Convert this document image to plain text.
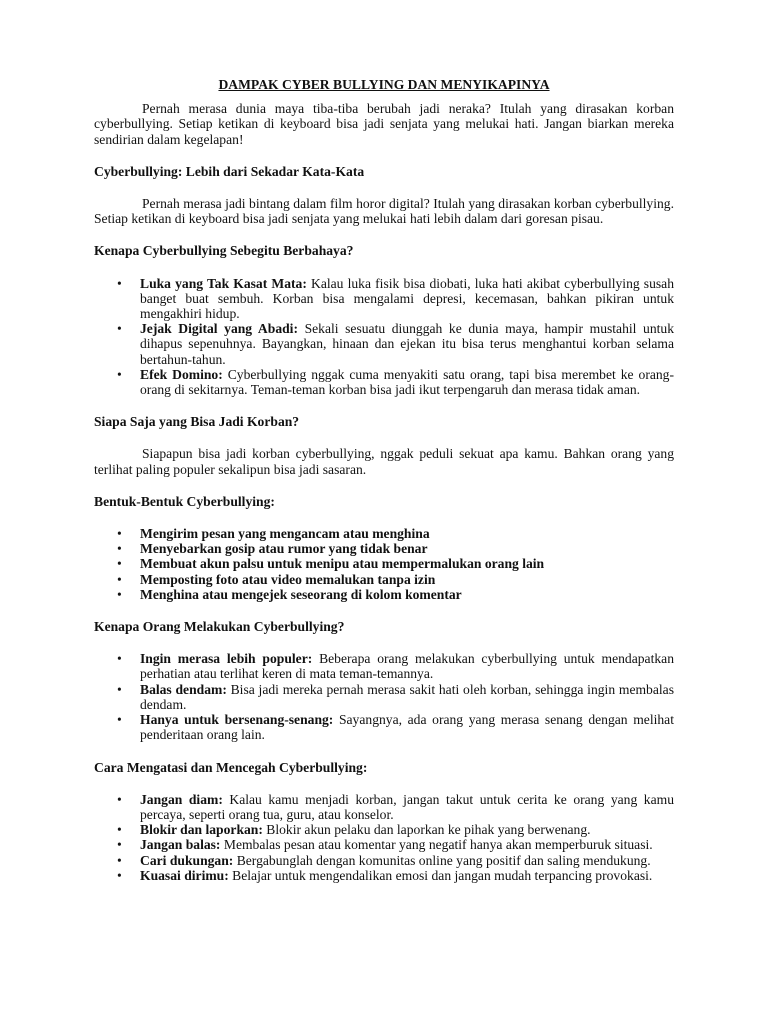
DAMPAK CYBER BULLYING DAN MENYIKAPINYA

Pernah merasa dunia maya tiba-tiba berubah jadi neraka? Itulah yang dirasakan korban cyberbullying. Setiap ketikan di keyboard bisa jadi senjata yang melukai hati. Jangan biarkan mereka sendirian dalam kegelapan!

Cyberbullying: Lebih dari Sekadar Kata-Kata

Pernah merasa jadi bintang dalam film horor digital? Itulah yang dirasakan korban cyberbullying. Setiap ketikan di keyboard bisa jadi senjata yang melukai hati lebih dalam dari goresan pisau.

Kenapa Cyberbullying Sebegitu Berbahaya?
• Luka yang Tak Kasat Mata: Kalau luka fisik bisa diobati, luka hati akibat cyberbullying susah banget buat sembuh. Korban bisa mengalami depresi, kecemasan, bahkan pikiran untuk mengakhiri hidup.
• Jejak Digital yang Abadi: Sekali sesuatu diunggah ke dunia maya, hampir mustahil untuk dihapus sepenuhnya. Bayangkan, hinaan dan ejekan itu bisa terus menghantui korban selama bertahun-tahun.
• Efek Domino: Cyberbullying nggak cuma menyakiti satu orang, tapi bisa merembet ke orang-orang di sekitarnya. Teman-teman korban bisa jadi ikut terpengaruh dan merasa tidak aman.
Siapa Saja yang Bisa Jadi Korban?

Siapapun bisa jadi korban cyberbullying, nggak peduli sekuat apa kamu. Bahkan orang yang terlihat paling populer sekalipun bisa jadi sasaran.

Bentuk-Bentuk Cyberbullying:
• Mengirim pesan yang mengancam atau menghina
• Menyebarkan gosip atau rumor yang tidak benar
• Membuat akun palsu untuk menipu atau mempermalukan orang lain
• Memposting foto atau video memalukan tanpa izin
• Menghina atau mengejek seseorang di kolom komentar
Kenapa Orang Melakukan Cyberbullying?
• Ingin merasa lebih populer: Beberapa orang melakukan cyberbullying untuk mendapatkan perhatian atau terlihat keren di mata teman-temannya.
• Balas dendam: Bisa jadi mereka pernah merasa sakit hati oleh korban, sehingga ingin membalas dendam.
• Hanya untuk bersenang-senang: Sayangnya, ada orang yang merasa senang dengan melihat penderitaan orang lain.
Cara Mengatasi dan Mencegah Cyberbullying:
• Jangan diam: Kalau kamu menjadi korban, jangan takut untuk cerita ke orang yang kamu percaya, seperti orang tua, guru, atau konselor.
• Blokir dan laporkan: Blokir akun pelaku dan laporkan ke pihak yang berwenang.
• Jangan balas: Membalas pesan atau komentar yang negatif hanya akan memperburuk situasi.
• Cari dukungan: Bergabunglah dengan komunitas online yang positif dan saling mendukung.
• Kuasai dirimu: Belajar untuk mengendalikan emosi dan jangan mudah terpancing provokasi.
